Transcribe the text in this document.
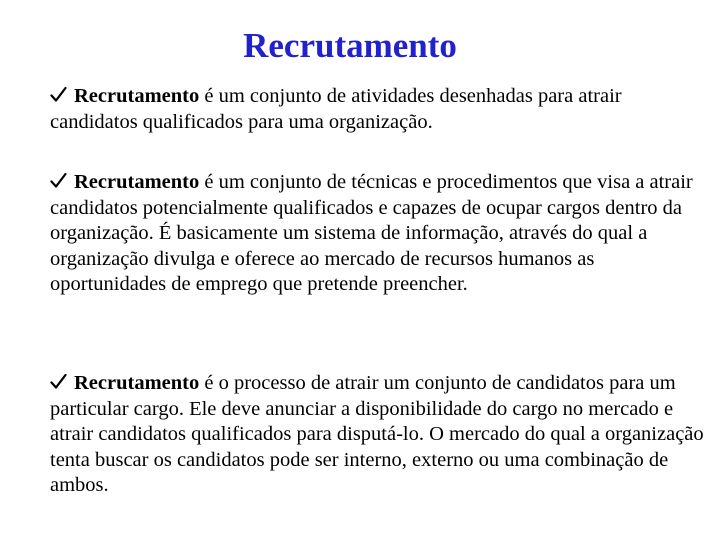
Recrutamento

Recrutamento é um conjunto de atividades desenhadas para atrair candidatos qualificados para uma organização.

Recrutamento é um conjunto de técnicas e procedimentos que visa a atrair candidatos potencialmente qualificados e capazes de ocupar cargos dentro da organização. É basicamente um sistema de informação, através do qual a organização divulga e oferece ao mercado de recursos humanos as oportunidades de emprego que pretende preencher.

Recrutamento é o processo de atrair um conjunto de candidatos para um particular cargo. Ele deve anunciar a disponibilidade do cargo no mercado e atrair candidatos qualificados para disputá-lo. O mercado do qual a organização tenta buscar os candidatos pode ser interno, externo ou uma combinação de ambos.
